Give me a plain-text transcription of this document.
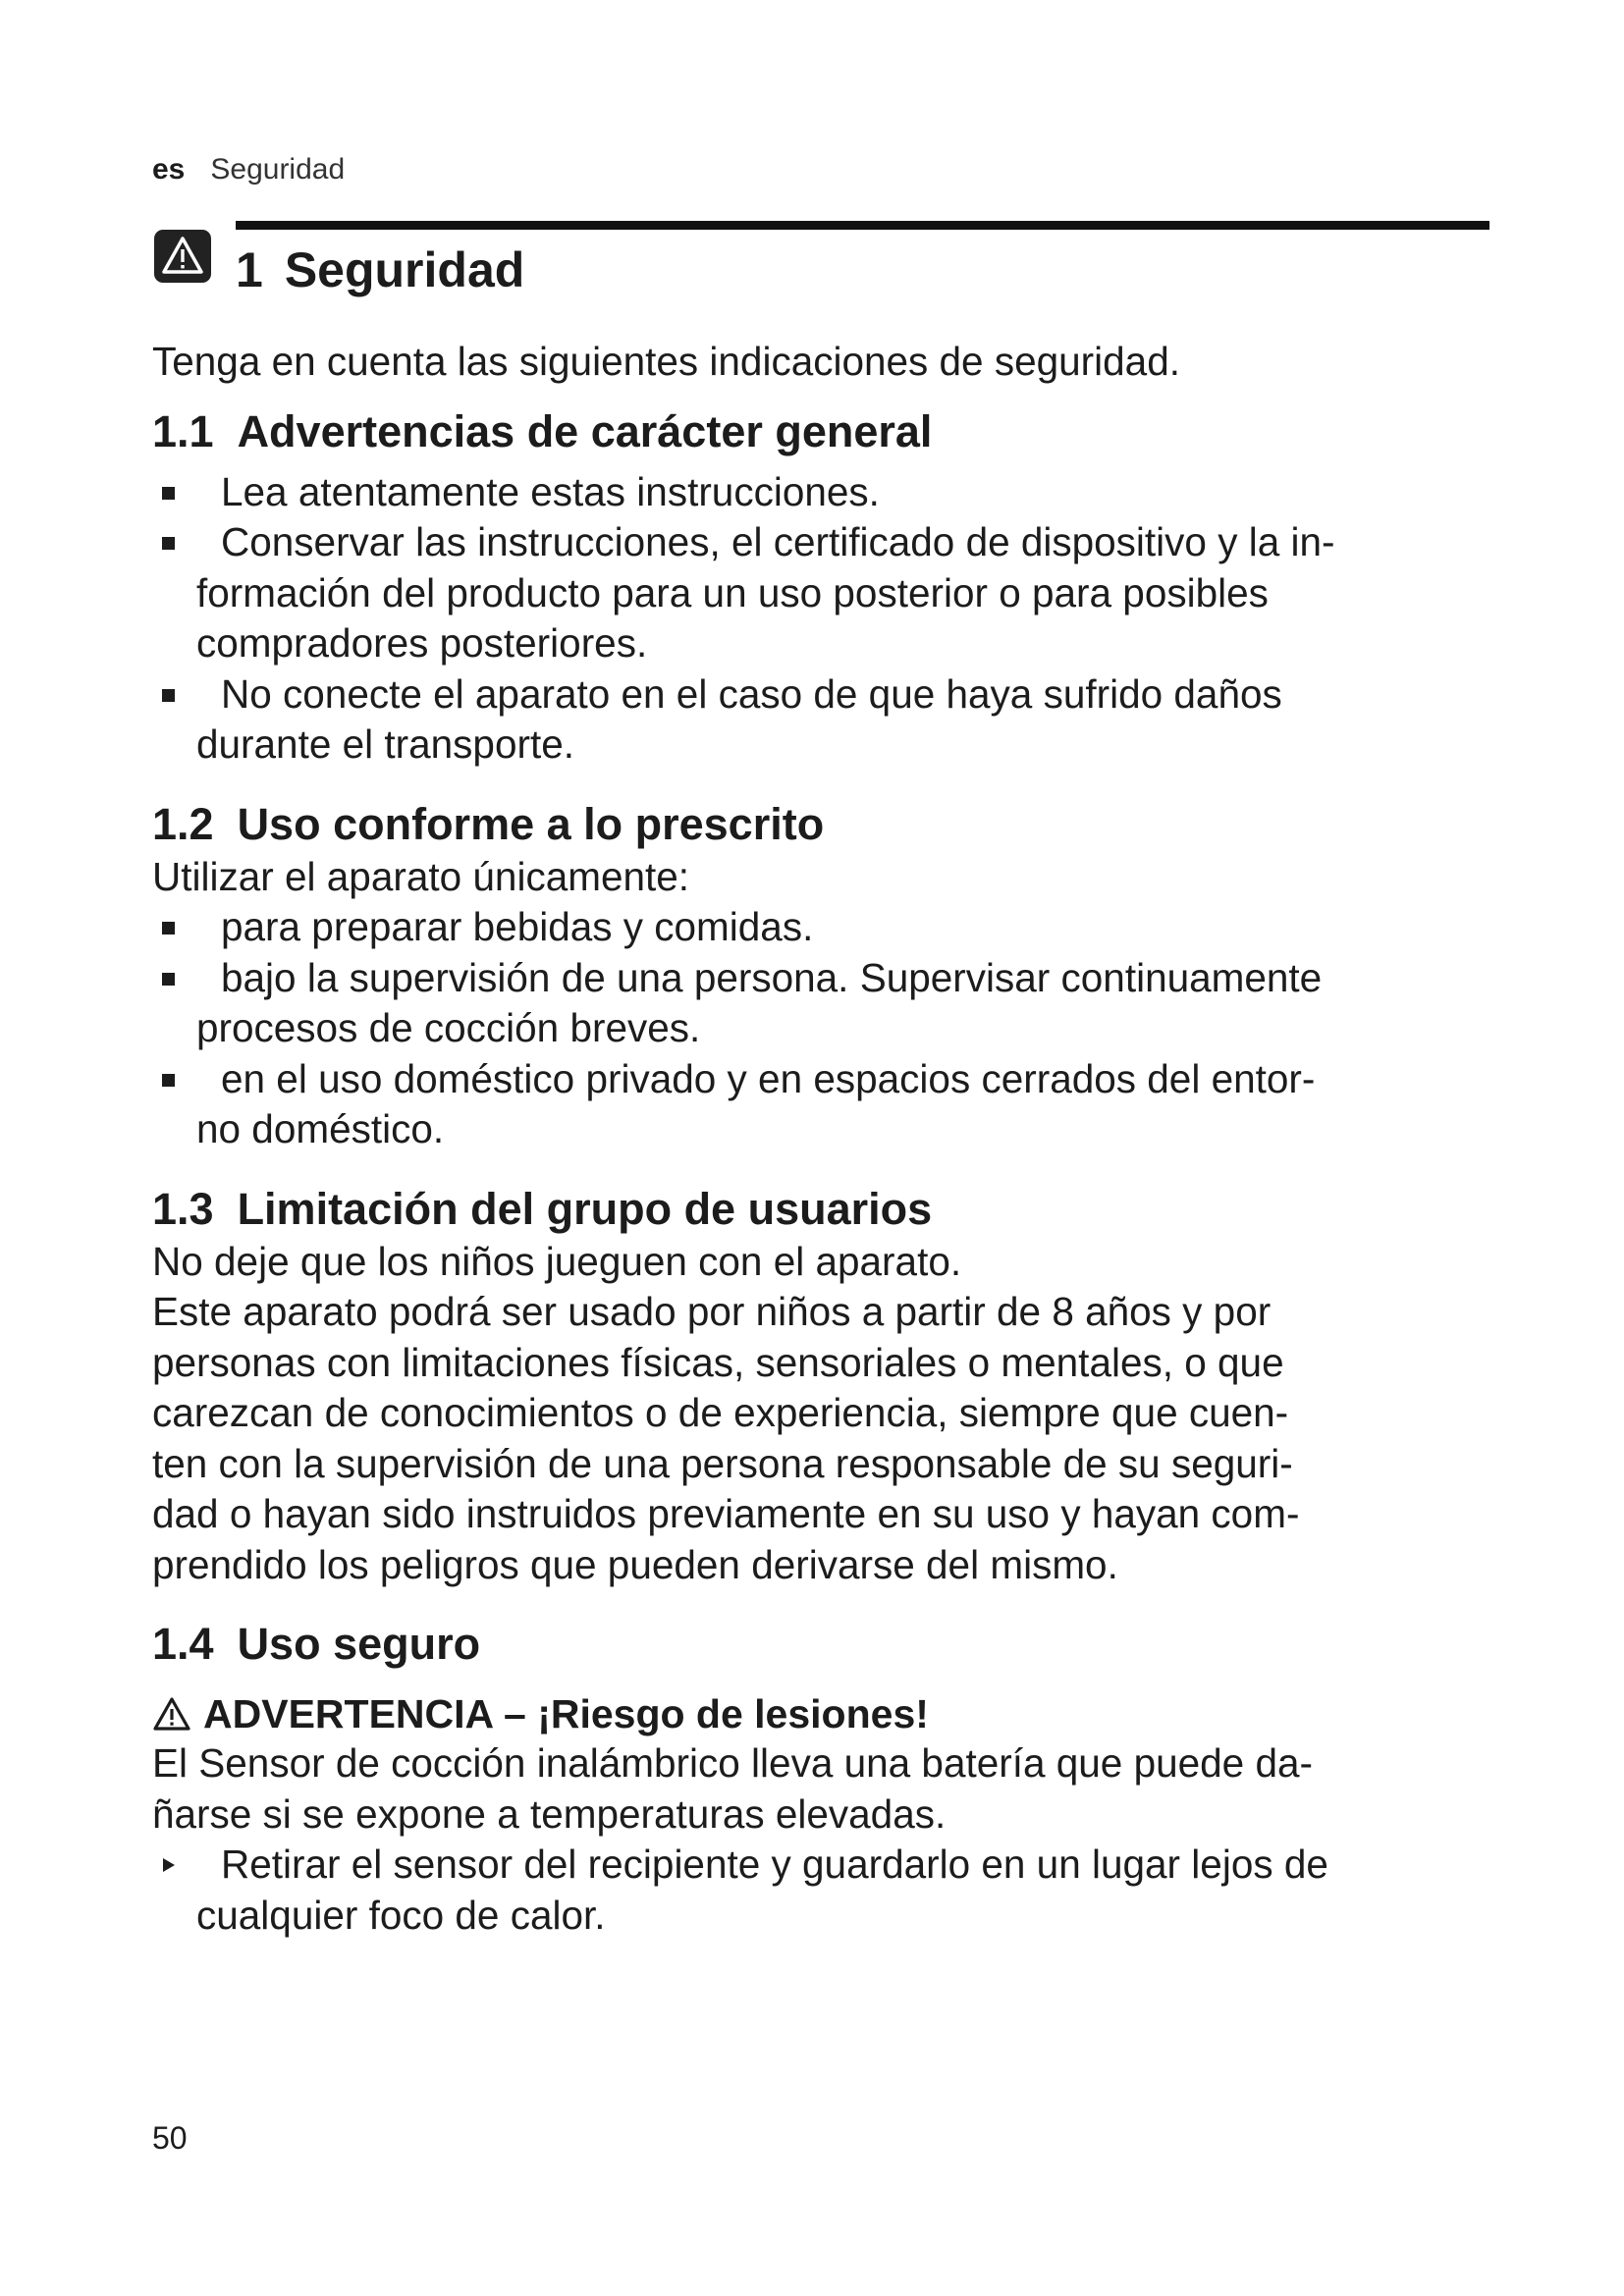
es Seguridad
1 Seguridad

Tenga en cuenta las siguientes indicaciones de seguridad.

1.1 Advertencias de carácter general
Lea atentamente estas instrucciones.
Conservar las instrucciones, el certificado de dispositivo y la in-
formación del producto para un uso posterior o para posibles
compradores posteriores.
No conecte el aparato en el caso de que haya sufrido daños
durante el transporte.
1.2 Uso conforme a lo prescrito

Utilizar el aparato únicamente:

para preparar bebidas y comidas.
bajo la supervisión de una persona. Supervisar continuamente
procesos de cocción breves.
en el uso doméstico privado y en espacios cerrados del entor-
no doméstico.
1.3 Limitación del grupo de usuarios

No deje que los niños jueguen con el aparato.
Este aparato podrá ser usado por niños a partir de 8 años y por
personas con limitaciones físicas, sensoriales o mentales, o que
carezcan de conocimientos o de experiencia, siempre que cuen-
ten con la supervisión de una persona responsable de su seguri-
dad o hayan sido instruidos previamente en su uso y hayan com-
prendido los peligros que pueden derivarse del mismo.

1.4 Uso seguro
ADVERTENCIA – ¡Riesgo de lesiones!

El Sensor de cocción inalámbrico lleva una batería que puede da-
ñarse si se expone a temperaturas elevadas.

Retirar el sensor del recipiente y guardarlo en un lugar lejos de
cualquier foco de calor.
50
